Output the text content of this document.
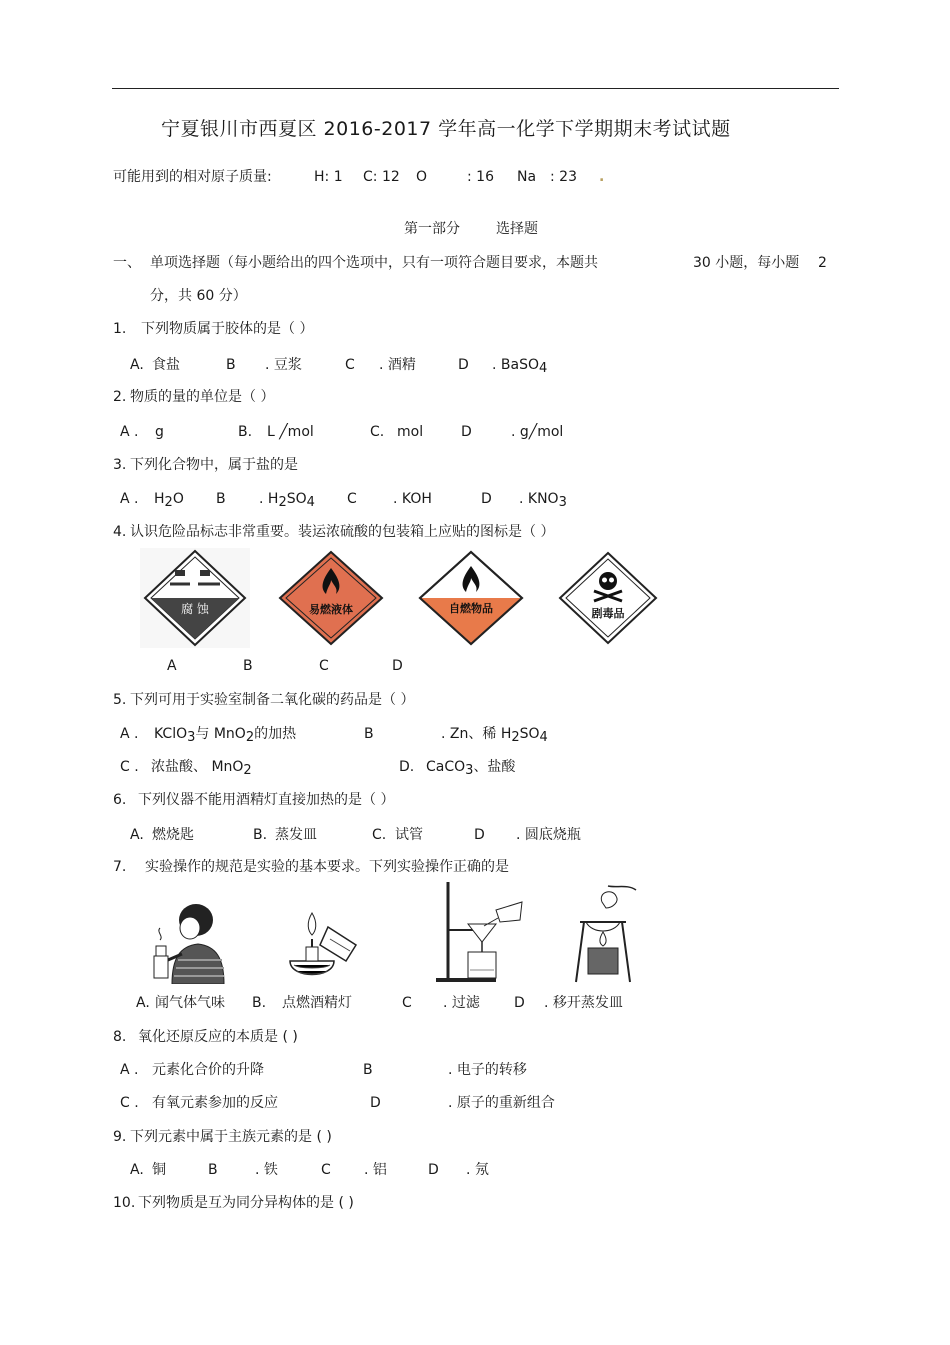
宁夏银川市西夏区 2016-2017 学年高一化学下学期期末考试试题
可能用到的相对原子质量:	H: 1 C: 12 O	: 16 Na : 23 .
第一部分	选择题
一、 单项选择题（每小题给出的四个选项中，只有一项符合题目要求，本题共	30 小题，每小题 2
分，共 60 分）
1. 下列物质属于胶体的是（ ）
A. 食盐	B . 豆浆	C . 酒精	D . BaSO4
2. 物质的量的单位是（ ）
A . g	B. L ╱mol	C. mol	D	. g╱mol
3. 下列化合物中，属于盐的是
A . H2O B . H2SO4 C	. KOH	D . KNO3
4. 认识危险品标志非常重要。装运浓硫酸的包装箱上应贴的图标是（ ）
腐 蚀	易燃液体	自燃物品	剧毒品
A	B	C	D
5. 下列可用于实验室制备二氧化碳的药品是（ ）
A . KClO3与 MnO2的加热	B	. Zn、稀 H2SO4
C . 浓盐酸、 MnO2	D. CaCO3、盐酸
6. 下列仪器不能用酒精灯直接加热的是（ ）
A. 燃烧匙	B. 蒸发皿	C. 试管	D . 圆底烧瓶
7. 实验操作的规范是实验的基本要求。下列实验操作正确的是
A. 闻气体气味 B. 点燃酒精灯	C . 过滤 D . 移开蒸发皿
8. 氧化还原反应的本质是 ( )
A . 元素化合价的升降	B	. 电子的转移
C . 有氧元素参加的反应	D	. 原子的重新组合
9. 下列元素中属于主族元素的是 ( )
A. 铜	B	. 铁	C . 铝	D . 氖
10. 下列物质是互为同分异构体的是 ( )
